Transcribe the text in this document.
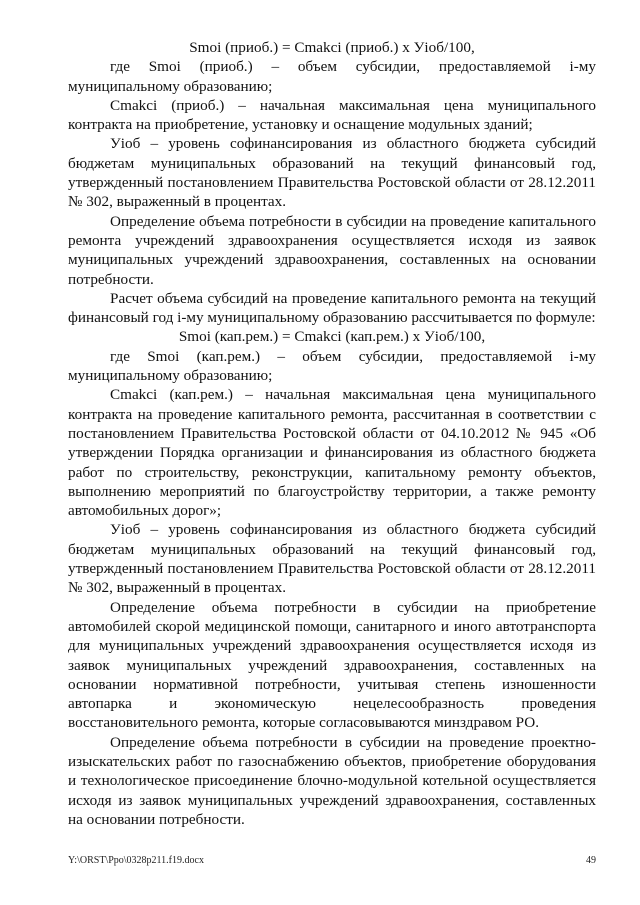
Smoi (приоб.) = Cmakci (приоб.) х Уioб/100,

где Smoi (приоб.) – объем субсидии, предоставляемой i-му муниципальному образованию;

Cmakci (приоб.) – начальная максимальная цена муниципального контракта на приобретение, установку и оснащение модульных зданий;

Уioб – уровень софинансирования из областного бюджета субсидий бюджетам муниципальных образований на текущий финансовый год, утвержденный постановлением Правительства Ростовской области от 28.12.2011 № 302, выраженный в процентах.

Определение объема потребности в субсидии на проведение капитального ремонта учреждений здравоохранения осуществляется исходя из заявок муниципальных учреждений здравоохранения, составленных на основании потребности.

Расчет объема субсидий на проведение капитального ремонта на текущий финансовый год i-му муниципальному образованию рассчитывается по формуле:

Smoi (кап.рем.) = Cmakci (кап.рем.) х Уioб/100,

где Smoi (кап.рем.) – объем субсидии, предоставляемой i-му муниципальному образованию;

Cmakci (кап.рем.) – начальная максимальная цена муниципального контракта на проведение капитального ремонта, рассчитанная в соответствии с постановлением Правительства Ростовской области от 04.10.2012 № 945 «Об утверждении Порядка организации и финансирования из областного бюджета работ по строительству, реконструкции, капитальному ремонту объектов, выполнению мероприятий по благоустройству территории, а также ремонту автомобильных дорог»;

Уioб – уровень софинансирования из областного бюджета субсидий бюджетам муниципальных образований на текущий финансовый год, утвержденный постановлением Правительства Ростовской области от 28.12.2011 № 302, выраженный в процентах.

Определение объема потребности в субсидии на приобретение автомобилей скорой медицинской помощи, санитарного и иного автотранспорта для муниципальных учреждений здравоохранения осуществляется исходя из заявок муниципальных учреждений здравоохранения, составленных на основании нормативной потребности, учитывая степень изношенности автопарка и экономическую нецелесообразность проведения восстановительного ремонта, которые согласовываются минздравом РО.

Определение объема потребности в субсидии на проведение проектно-изыскательских работ по газоснабжению объектов, приобретение оборудования и технологическое присоединение блочно-модульной котельной осуществляется исходя из заявок муниципальных учреждений здравоохранения, составленных на основании потребности.

Y:\ORST\Ppo\0328p211.f19.docx	49
